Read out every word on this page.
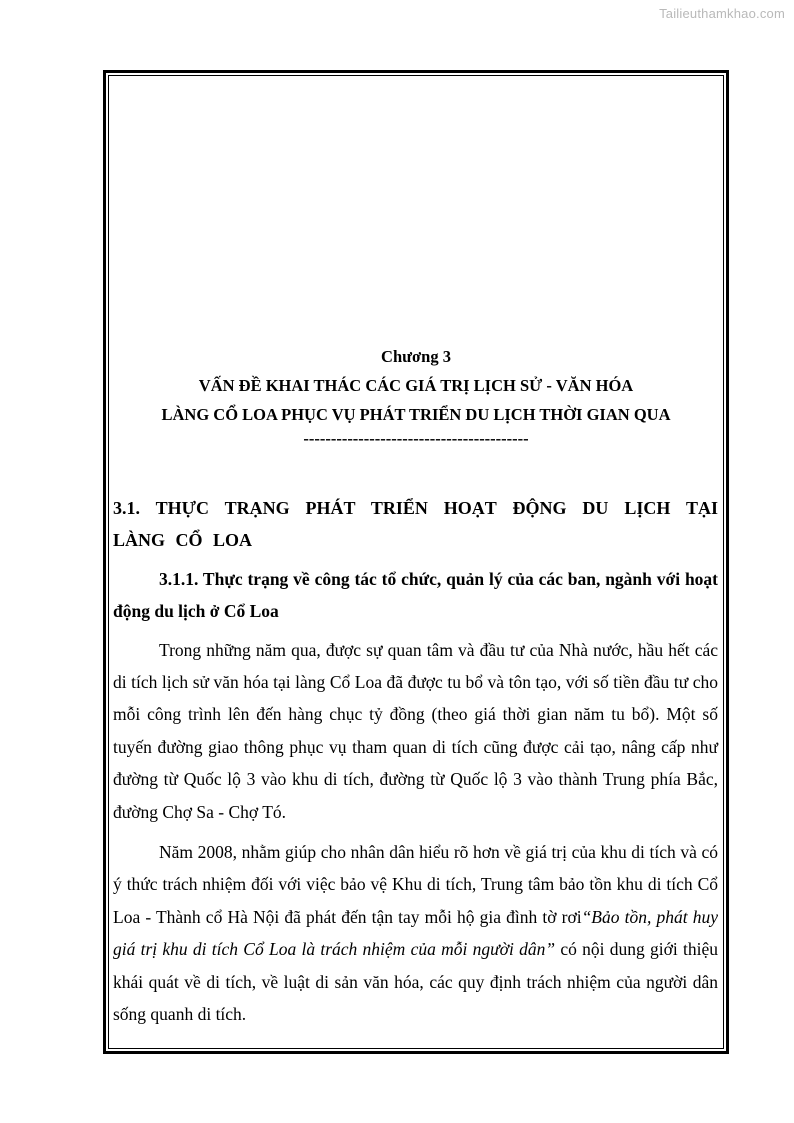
Tailieuthamkhao.com
Chương 3
VẤN ĐỀ KHAI THÁC CÁC GIÁ TRỊ LỊCH SỬ - VĂN HÓA
LÀNG CỔ LOA PHỤC VỤ PHÁT TRIỂN DU LỊCH THỜI GIAN QUA
-----------------------------------------
3.1. THỰC TRẠNG PHÁT TRIỂN HOẠT ĐỘNG DU LỊCH TẠI LÀNG CỔ LOA
3.1.1. Thực trạng về công tác tổ chức, quản lý của các ban, ngành với hoạt động du lịch ở Cổ Loa

Trong những năm qua, được sự quan tâm và đầu tư của Nhà nước, hầu hết các di tích lịch sử văn hóa tại làng Cổ Loa đã được tu bổ và tôn tạo, với số tiền đầu tư cho mỗi công trình lên đến hàng chục tỷ đồng (theo giá thời gian năm tu bổ). Một số tuyến đường giao thông phục vụ tham quan di tích cũng được cải tạo, nâng cấp như đường từ Quốc lộ 3 vào khu di tích, đường từ Quốc lộ 3 vào thành Trung phía Bắc, đường Chợ Sa - Chợ Tó.

Năm 2008, nhằm giúp cho nhân dân hiểu rõ hơn về giá trị của khu di tích và có ý thức trách nhiệm đối với việc bảo vệ Khu di tích, Trung tâm bảo tồn khu di tích Cổ Loa - Thành cổ Hà Nội đã phát đến tận tay mỗi hộ gia đình tờ rơi“Bảo tồn, phát huy giá trị khu di tích Cổ Loa là trách nhiệm của mỗi người dân” có nội dung giới thiệu khái quát về di tích, về luật di sản văn hóa, các quy định trách nhiệm của người dân sống quanh di tích.
